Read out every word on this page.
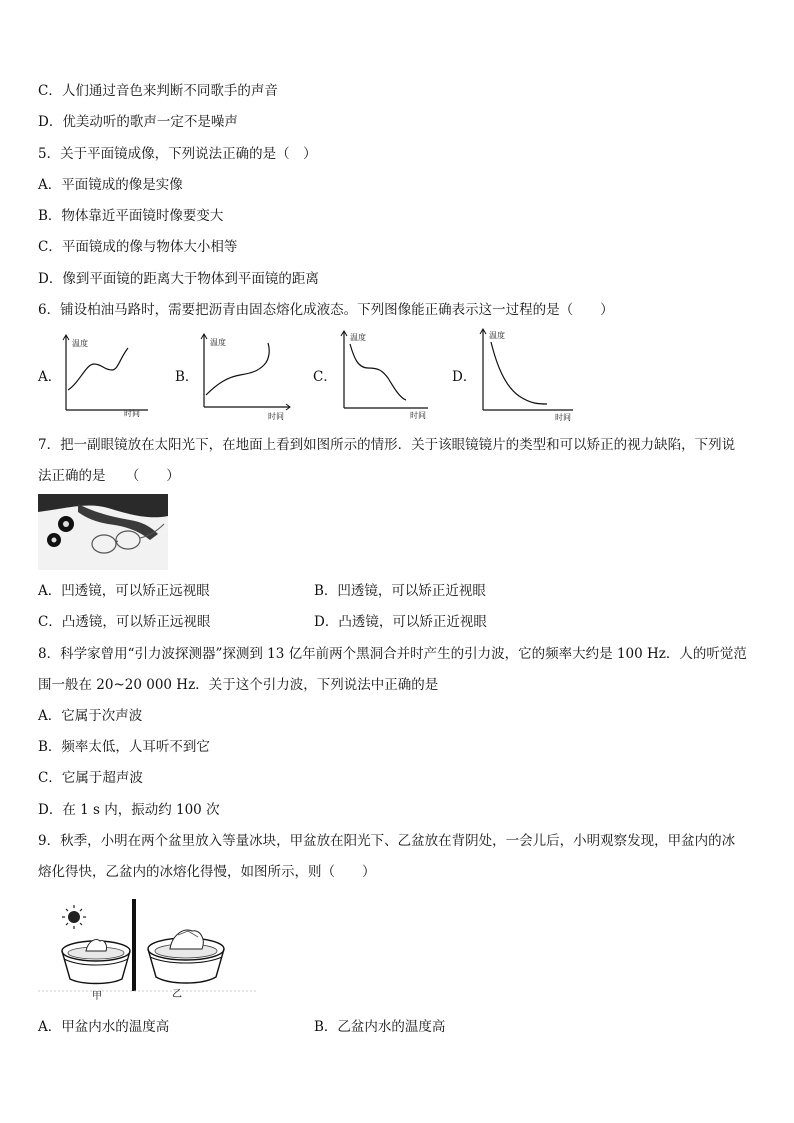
C．人们通过音色来判断不同歌手的声音
D．优美动听的歌声一定不是噪声
5．关于平面镜成像，下列说法正确的是（　）
A．平面镜成的像是实像
B．物体靠近平面镜时像要变大
C．平面镜成的像与物体大小相等
D．像到平面镜的距离大于物体到平面镜的距离
6．铺设柏油马路时，需要把沥青由固态熔化成液态。下列图像能正确表示这一过程的是（　　）
A．
温度
时间
B．
温度
时间
C．
温度
时间
D．
温度
时间
7．把一副眼镜放在太阳光下，在地面上看到如图所示的情形．关于该眼镜镜片的类型和可以矫正的视力缺陷，下列说
法正确的是　　（　　）
A．凹透镜，可以矫正远视眼	B．凹透镜，可以矫正近视眼
C．凸透镜，可以矫正远视眼	D．凸透镜，可以矫正近视眼
8．科学家曾用“引力波探测器”探测到 13 亿年前两个黑洞合并时产生的引力波，它的频率大约是 100 Hz．人的听觉范
围一般在 20~20 000 Hz．关于这个引力波，下列说法中正确的是
A．它属于次声波
B．频率太低，人耳听不到它
C．它属于超声波
D．在 1 s 内，振动约 100 次
9．秋季，小明在两个盆里放入等量冰块，甲盆放在阳光下、乙盆放在背阴处，一会儿后，小明观察发现，甲盆内的冰
熔化得快，乙盆内的冰熔化得慢，如图所示，则（　　）
甲	乙
A．甲盆内水的温度高	B．乙盆内水的温度高
